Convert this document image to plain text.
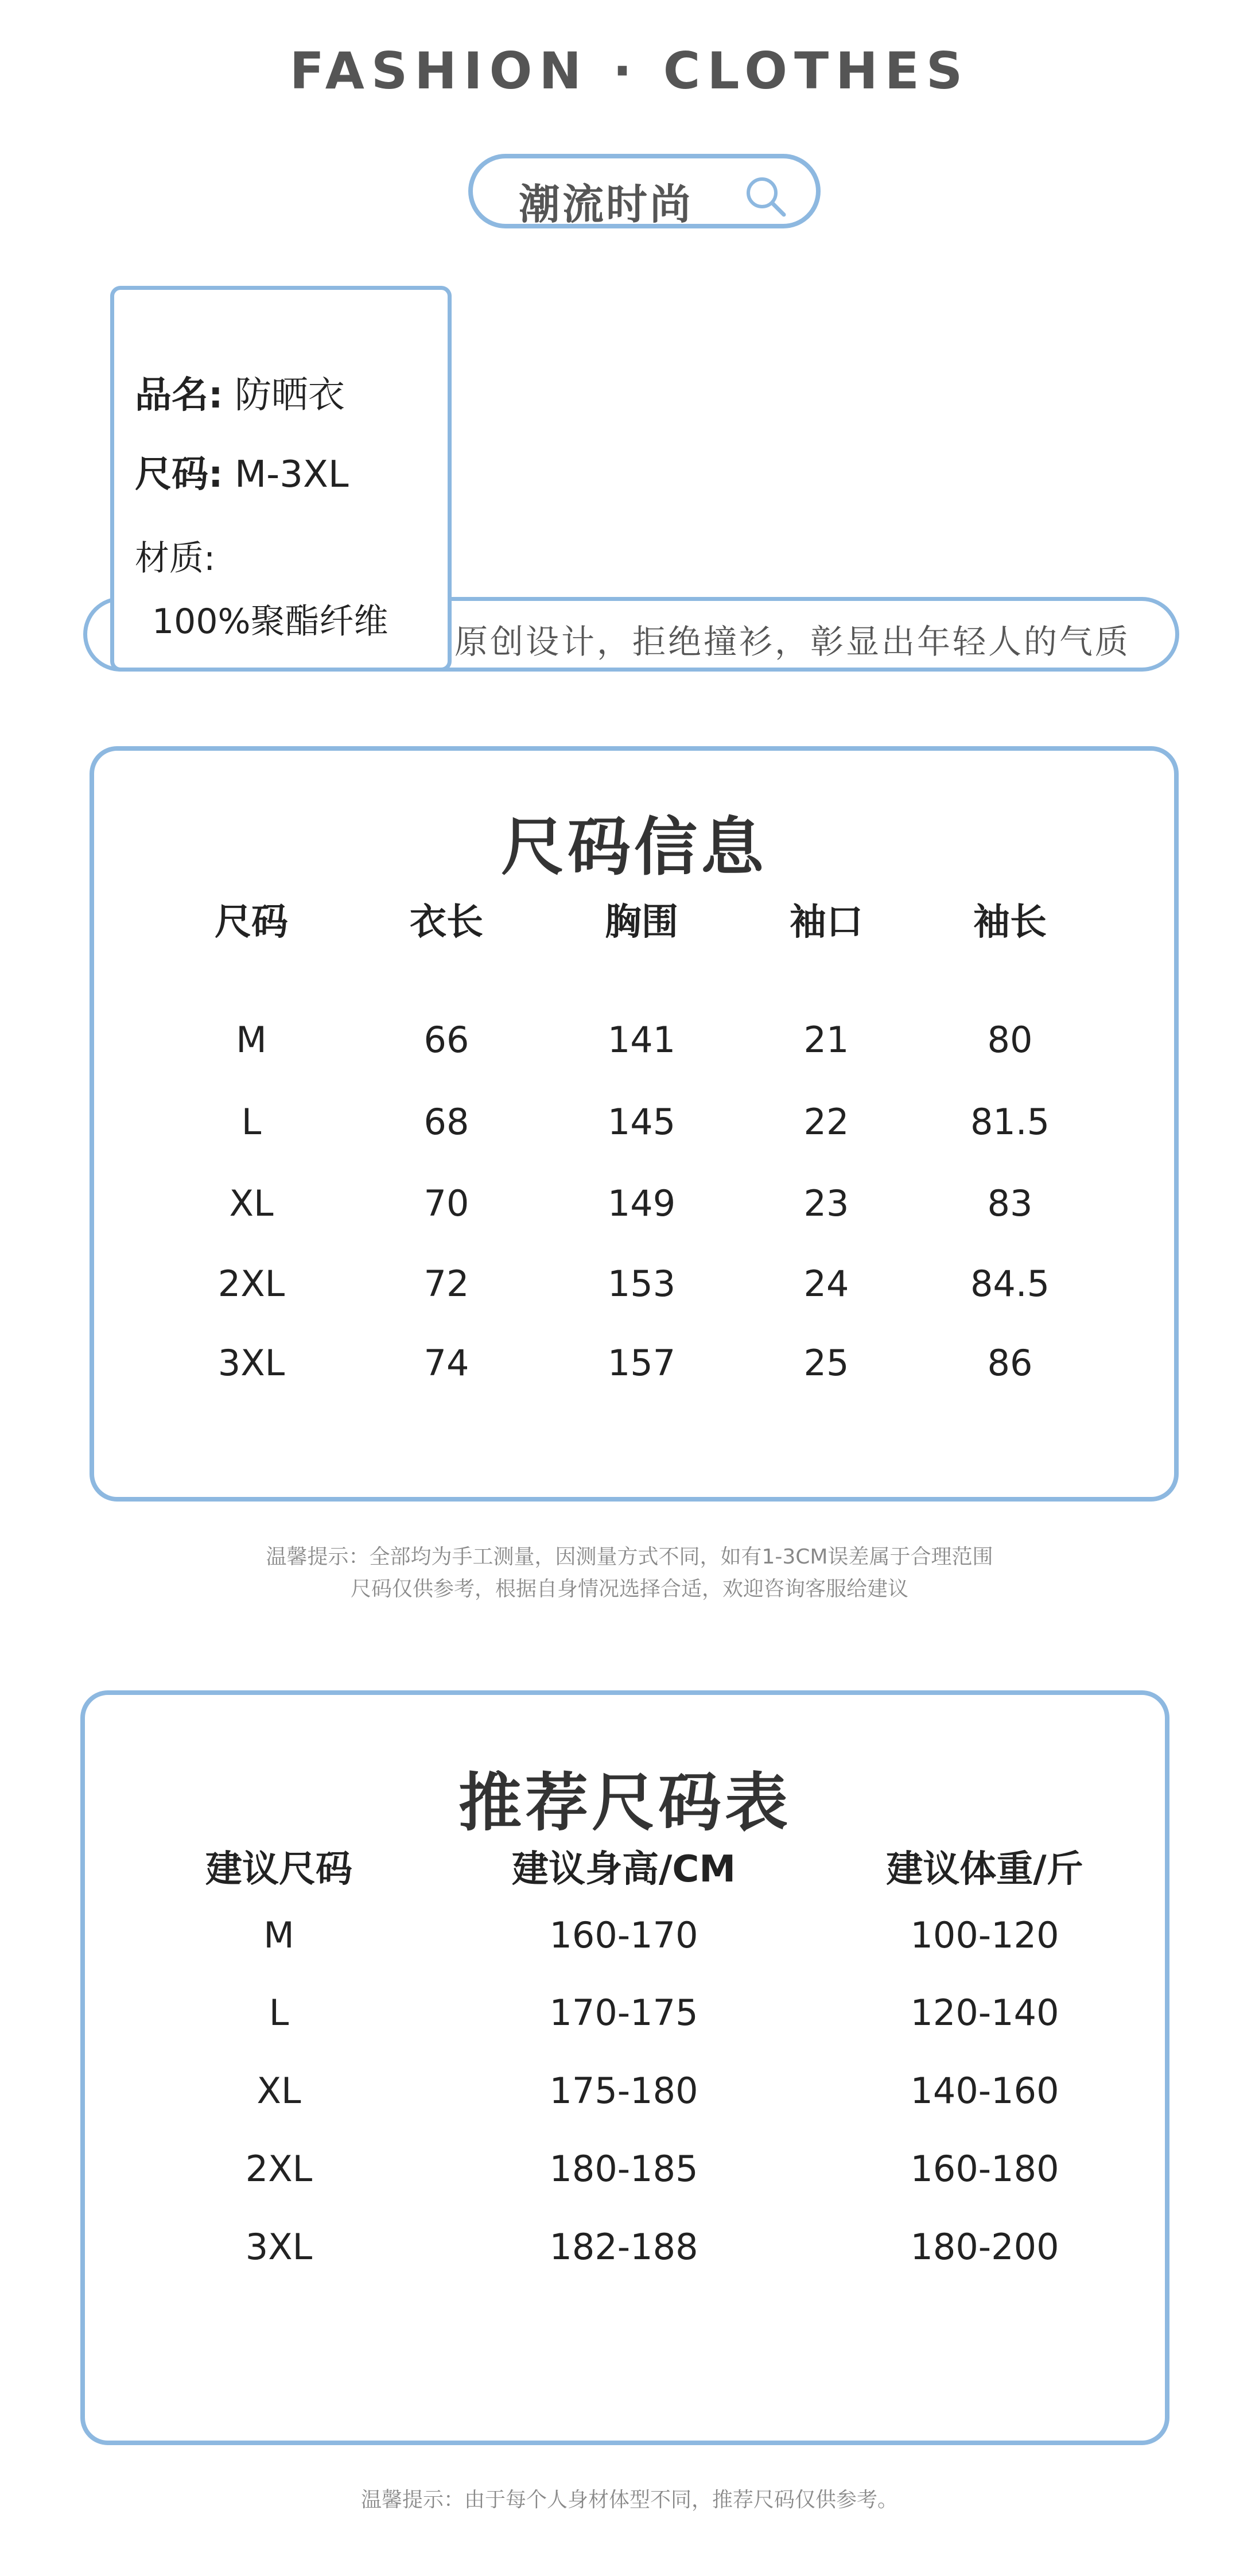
FASHION · CLOTHES
潮流时尚
原创设计，拒绝撞衫，彰显出年轻人的气质
品名: 防晒衣
尺码: M-3XL
材质:
100%聚酯纤维
尺码信息
尺码	衣长	胸围	袖口	袖长
M	66	141	21	80
L	68	145	22	81.5
XL	70	149	23	83
2XL	72	153	24	84.5
3XL	74	157	25	86
温馨提示：全部均为手工测量，因测量方式不同，如有1-3CM误差属于合理范围
尺码仅供参考，根据自身情况选择合适，欢迎咨询客服给建议
推荐尺码表
建议尺码	建议身高/CM	建议体重/斤
M	160-170	100-120
L	170-175	120-140
XL	175-180	140-160
2XL	180-185	160-180
3XL	182-188	180-200
温馨提示：由于每个人身材体型不同，推荐尺码仅供参考。
